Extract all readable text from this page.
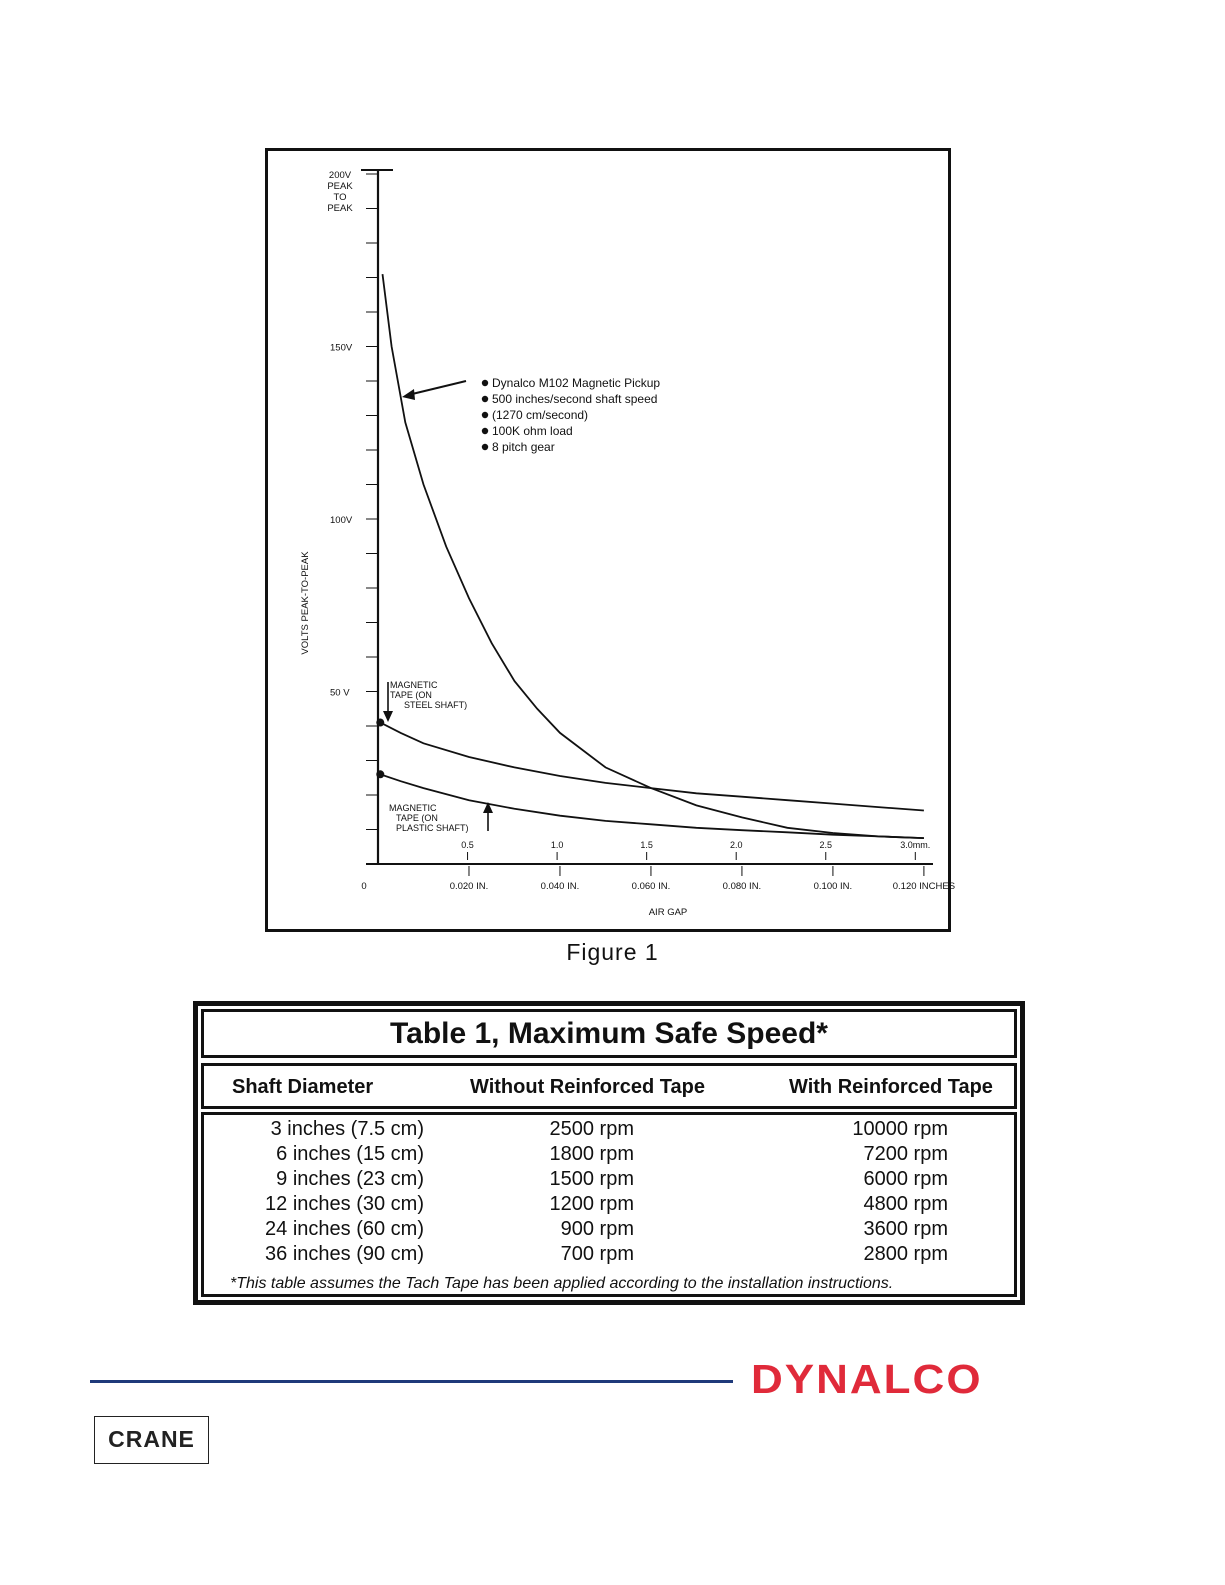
200V
PEAK
TO
PEAK
150V
100V
50 V
VOLTS PEAK-TO-PEAK
0.5	1.0	1.5	2.0	2.5	3.0mm.
0	0.020 IN.	0.040 IN.	0.060 IN.	0.080 IN.	0.100 IN.	0.120 INCHES
AIR GAP
Dynalco M102 Magnetic Pickup
500 inches/second shaft speed
(1270 cm/second)
100K ohm load
8 pitch gear
MAGNETIC
TAPE (ON
STEEL SHAFT)
MAGNETIC
TAPE (ON
PLASTIC SHAFT)
Figure 1
Table 1, Maximum Safe Speed*
Shaft Diameter	Without Reinforced Tape	With Reinforced Tape
3 inches (7.5 cm)	2500 rpm	10000 rpm
6 inches (15 cm)	1800 rpm	7200 rpm
9 inches (23 cm)	1500 rpm	6000 rpm
12 inches (30 cm)	1200 rpm	4800 rpm
24 inches (60 cm)	900 rpm	3600 rpm
36 inches (90 cm)	700 rpm	2800 rpm
*This table assumes the Tach Tape has been applied according to the installation instructions.
DYNALCO
CRANE
